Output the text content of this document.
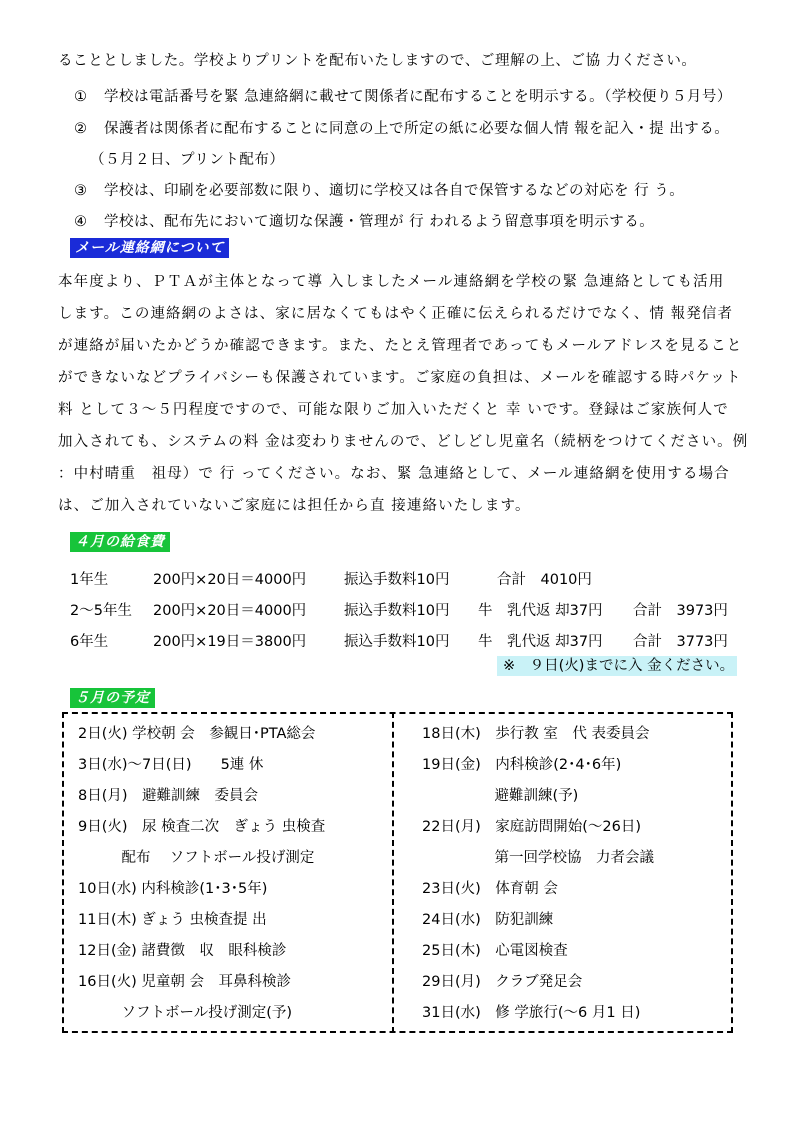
ることとしました。学校よりプリントを配布いたしますので、ご理解の上、ご協 力ください。
① 学校は電話番号を緊 急連絡網に載せて関係者に配布することを明示する。（学校便り５月号）
② 保護者は関係者に配布することに同意の上で所定の紙に必要な個人情 報を記入・提 出する。
（５月２日、プリント配布）
③ 学校は、印刷を必要部数に限り、適切に学校又は各自で保管するなどの対応を 行 う。
④ 学校は、配布先において適切な保護・管理が 行 われるよう留意事項を明示する。
メール連絡網について
本年度より、ＰＴＡが主体となって導 入しましたメール連絡網を学校の緊 急連絡としても活用
します。この連絡網のよさは、家に居なくてもはやく正確に伝えられるだけでなく、情 報発信者
が連絡が届いたかどうか確認できます。また、たとえ管理者であってもメールアドレスを見ること
ができないなどプライバシーも保護されています。ご家庭の負担は、メールを確認する時パケット
料 として３～５円程度ですので、可能な限りご加入いただくと 幸 いです。登録はご家族何人で
加入されても、システムの料 金は変わりませんので、どしどし児童名（続柄をつけてください。例
：中村晴重　祖母）で 行 ってください。なお、緊 急連絡として、メール連絡網を使用する場合
は、ご加入されていないご家庭には担任から直 接連絡いたします。
４月の給食費
1年生	200円×20日＝4000円	振込手数料10円	合計　4010円
2～5年生 200円×20日＝4000円	振込手数料10円 牛　乳代返 却37円 合計　3973円
6年生	200円×19日＝3800円	振込手数料10円 牛　乳代返 却37円 合計　3773円
※　９日(火)までに入 金ください。
５月の予定
2日(火) 学校朝 会　参観日･PTA総会
3日(水)～7日(日)　　5連 休
8日(月)　避難訓練　委員会
9日(火)　尿 検査二次　ぎょう 虫検査
　　　配布　 ソフトボール投げ測定
10日(水) 内科検診(1･3･5年)
11日(木) ぎょう 虫検査提 出
12日(金) 諸費徴　収　眼科検診
16日(火) 児童朝 会　耳鼻科検診
　　　ソフトボール投げ測定(予)
18日(木)　歩行教 室　代 表委員会
19日(金)　内科検診(2･4･6年)
　　　　　避難訓練(予)
22日(月)　家庭訪問開始(～26日)
　　　　　第一回学校協　力者会議
23日(火)　体育朝 会
24日(水)　防犯訓練
25日(木)　心電図検査
29日(月)　クラブ発足会
31日(水)　修 学旅行(～6 月1 日)
